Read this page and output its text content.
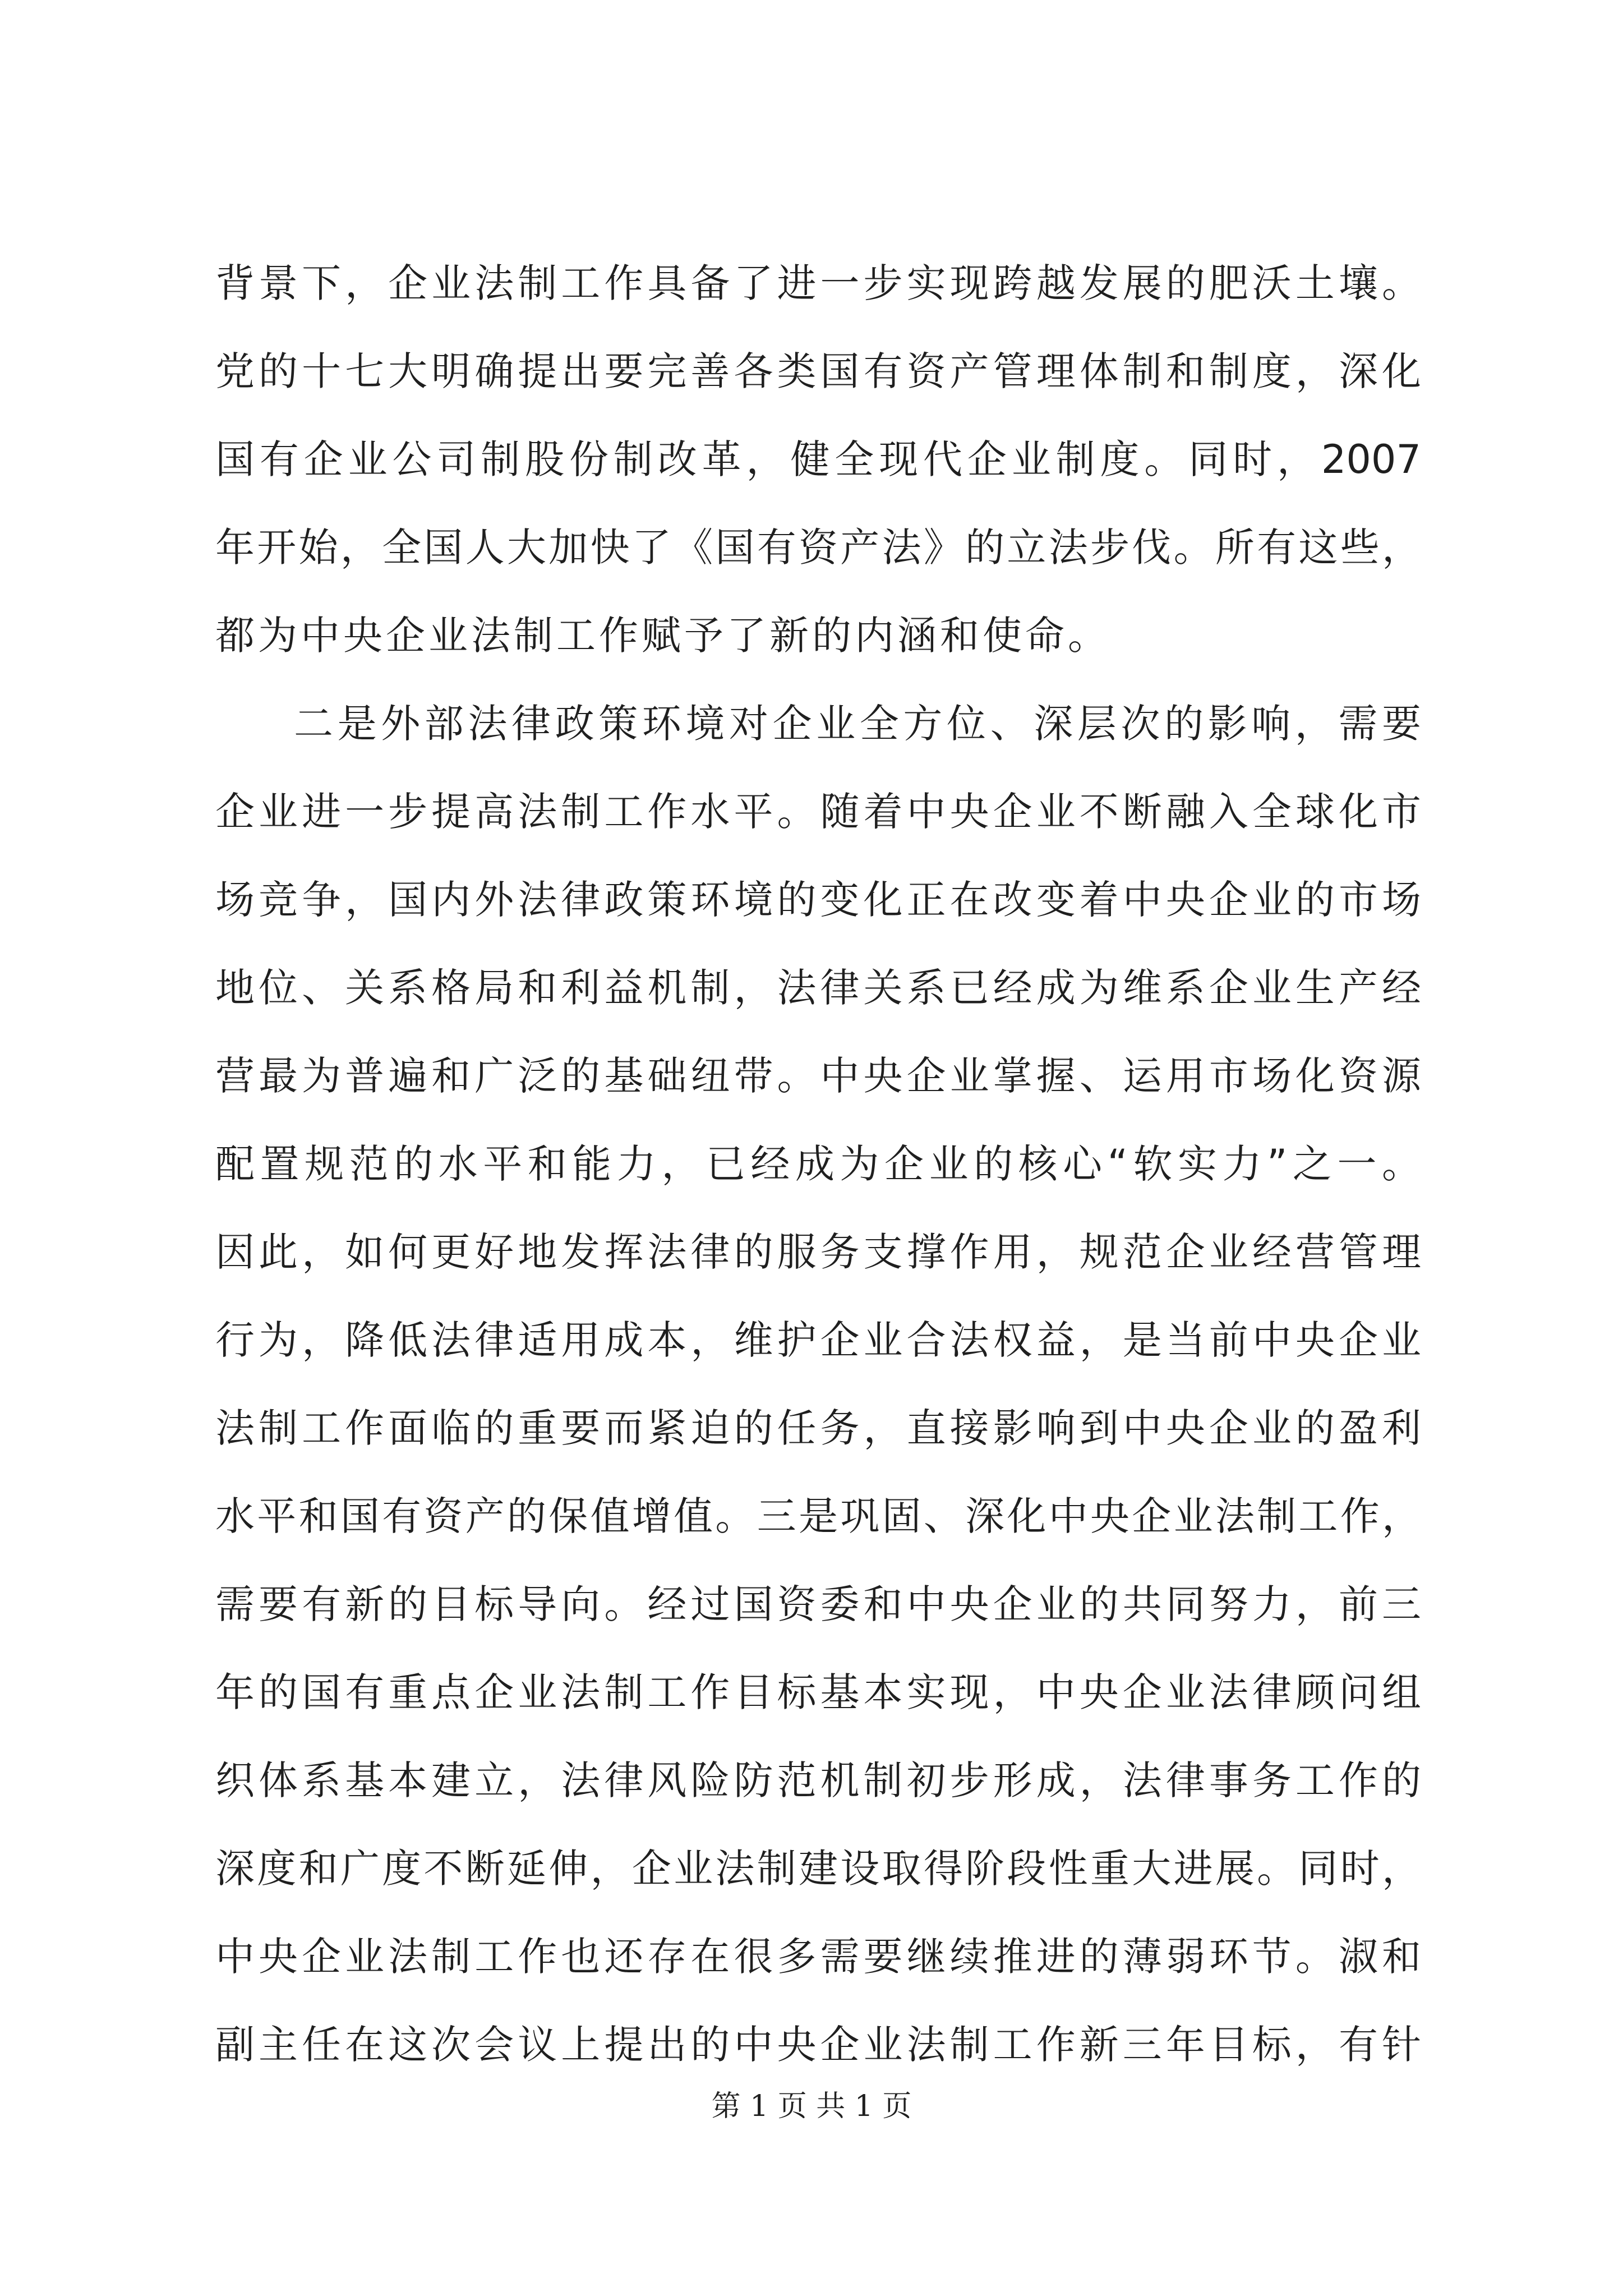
背景下，企业法制工作具备了进一步实现跨越发展的肥沃土壤。
党的十七大明确提出要完善各类国有资产管理体制和制度，深化
国有企业公司制股份制改革，健全现代企业制度。同时，2007
年开始，全国人大加快了《国有资产法》的立法步伐。所有这些，
都为中央企业法制工作赋予了新的内涵和使命。
二是外部法律政策环境对企业全方位、深层次的影响，需要
企业进一步提高法制工作水平。随着中央企业不断融入全球化市
场竞争，国内外法律政策环境的变化正在改变着中央企业的市场
地位、关系格局和利益机制，法律关系已经成为维系企业生产经
营最为普遍和广泛的基础纽带。中央企业掌握、运用市场化资源
配置规范的水平和能力，已经成为企业的核心“软实力”之一。
因此，如何更好地发挥法律的服务支撑作用，规范企业经营管理
行为，降低法律适用成本，维护企业合法权益，是当前中央企业
法制工作面临的重要而紧迫的任务，直接影响到中央企业的盈利
水平和国有资产的保值增值。三是巩固、深化中央企业法制工作，
需要有新的目标导向。经过国资委和中央企业的共同努力，前三
年的国有重点企业法制工作目标基本实现，中央企业法律顾问组
织体系基本建立，法律风险防范机制初步形成，法律事务工作的
深度和广度不断延伸，企业法制建设取得阶段性重大进展。同时，
中央企业法制工作也还存在很多需要继续推进的薄弱环节。淑和
副主任在这次会议上提出的中央企业法制工作新三年目标，有针
第 1 页 共 1 页
